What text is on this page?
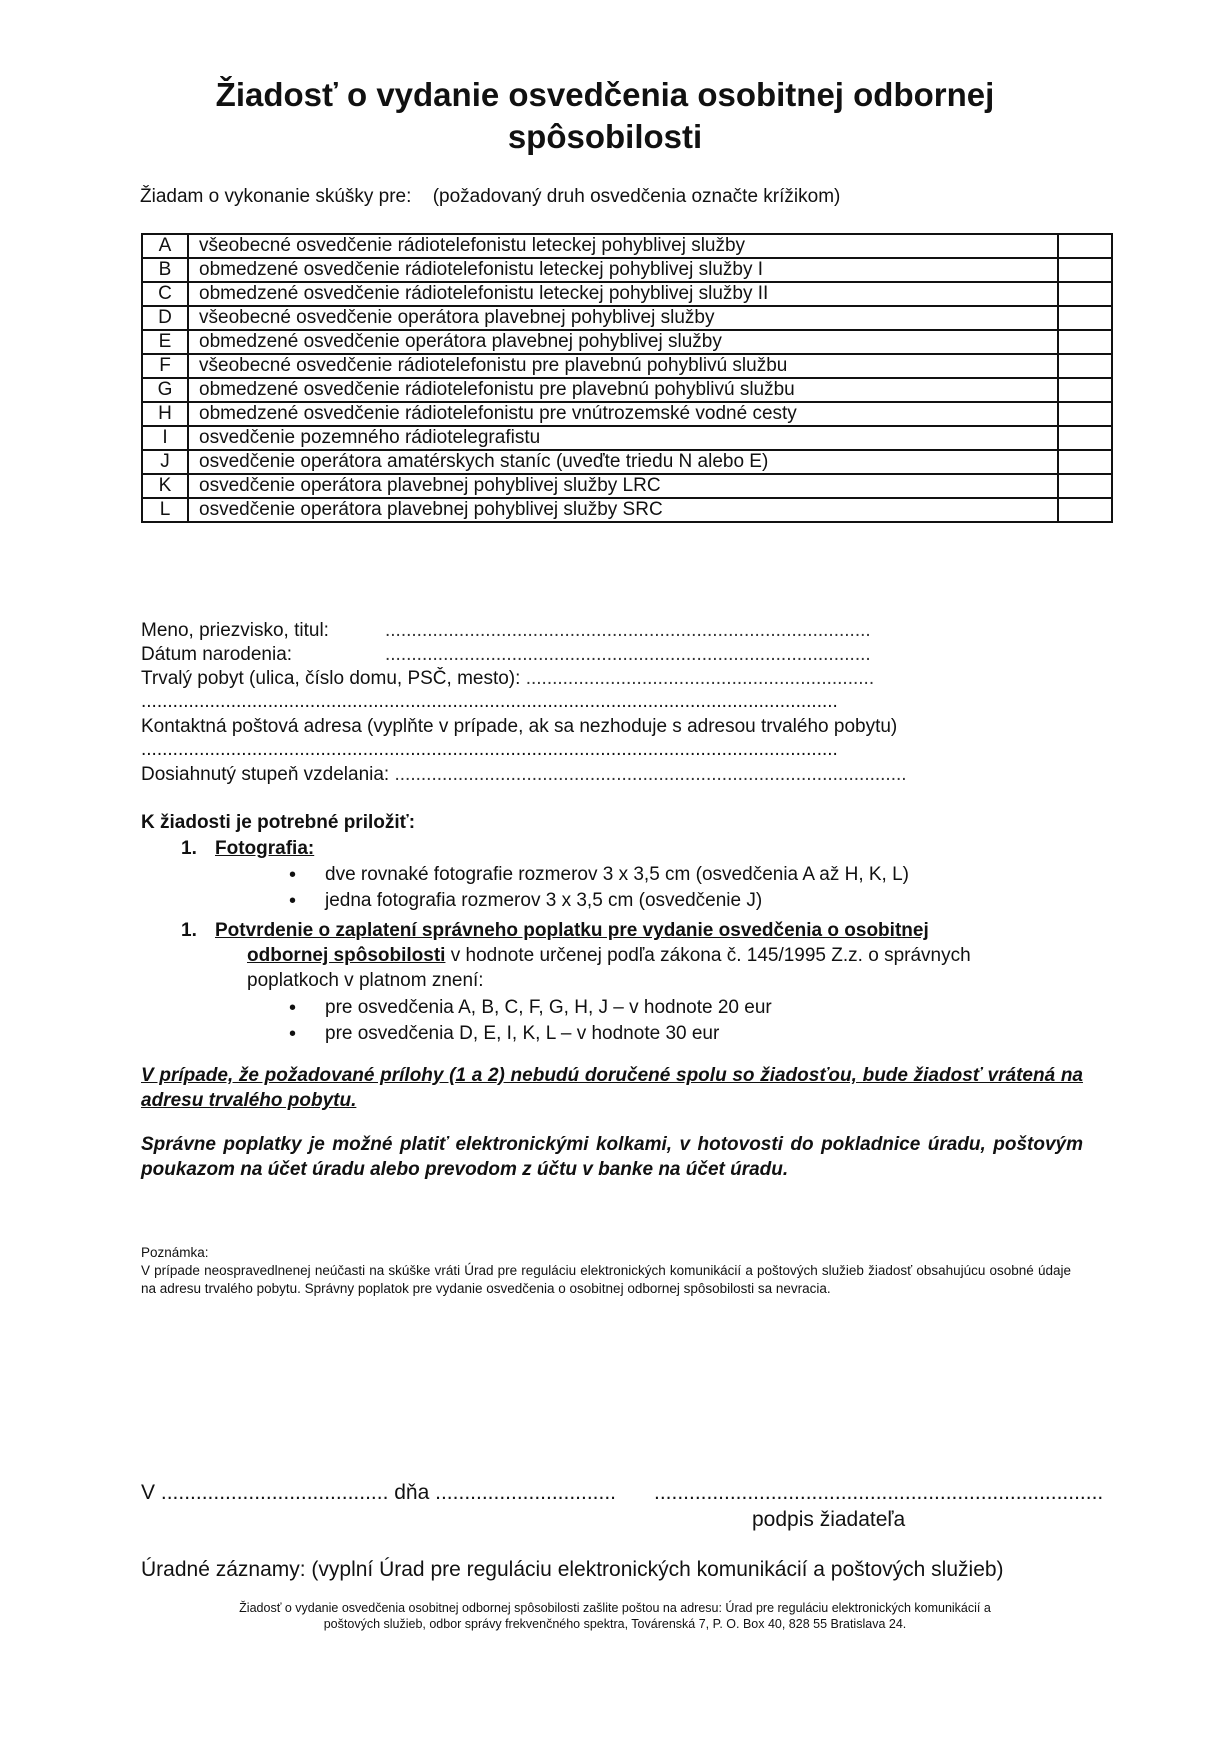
Žiadosť o vydanie osvedčenia osobitnej odbornej
spôsobilosti
Žiadam o vykonanie skúšky pre: (požadovaný druh osvedčenia označte krížikom)
A	všeobecné osvedčenie rádiotelefonistu leteckej pohyblivej služby	
B	obmedzené osvedčenie rádiotelefonistu leteckej pohyblivej služby I	
C	obmedzené osvedčenie rádiotelefonistu leteckej pohyblivej služby II	
D	všeobecné osvedčenie operátora plavebnej pohyblivej služby	
E	obmedzené osvedčenie operátora plavebnej pohyblivej služby	
F	všeobecné osvedčenie rádiotelefonistu pre plavebnú pohyblivú službu	
G	obmedzené osvedčenie rádiotelefonistu pre plavebnú pohyblivú službu	
H	obmedzené osvedčenie rádiotelefonistu pre vnútrozemské vodné cesty	
I	osvedčenie pozemného rádiotelegrafistu	
J	osvedčenie operátora amatérskych staníc (uveďte triedu N alebo E)	
K	osvedčenie operátora plavebnej pohyblivej služby LRC	
L	osvedčenie operátora plavebnej pohyblivej služby SRC	
Meno, priezvisko, titul:	............................................................................................
Dátum narodenia:	............................................................................................
Trvalý pobyt (ulica, číslo domu, PSČ, mesto): ..................................................................
....................................................................................................................................
Kontaktná poštová adresa (vyplňte v prípade, ak sa nezhoduje s adresou trvalého pobytu)
....................................................................................................................................
Dosiahnutý stupeň vzdelania: .................................................................................................
K žiadosti je potrebné priložiť:
1. Fotografia:
• dve rovnaké fotografie rozmerov 3 x 3,5 cm (osvedčenia A až H, K, L)
• jedna fotografia rozmerov 3 x 3,5 cm (osvedčenie J)
1. Potvrdenie o zaplatení správneho poplatku pre vydanie osvedčenia o osobitnej
odbornej spôsobilosti v hodnote určenej podľa zákona č. 145/1995 Z.z. o správnych
poplatkoch v platnom znení:
• pre osvedčenia A, B, C, F, G, H, J – v hodnote 20 eur
• pre osvedčenia D, E, I, K, L – v hodnote 30 eur
V prípade, že požadované prílohy (1 a 2) nebudú doručené spolu so žiadosťou, bude žiadosť vrátená na adresu trvalého pobytu.
Správne poplatky je možné platiť elektronickými kolkami, v hotovosti do pokladnice úradu, poštovým poukazom na účet úradu alebo prevodom z účtu v banke na účet úradu.
Poznámka:
V prípade neospravedlnenej neúčasti na skúške vráti Úrad pre reguláciu elektronických komunikácií a poštových služieb žiadosť obsahujúcu osobné údaje na adresu trvalého pobytu. Správny poplatok pre vydanie osvedčenia o osobitnej odbornej spôsobilosti sa nevracia.
V ....................................... dňa ............................... .............................................................................
podpis žiadateľa
Úradné záznamy: (vyplní Úrad pre reguláciu elektronických komunikácií a poštových služieb)
Žiadosť o vydanie osvedčenia osobitnej odbornej spôsobilosti zašlite poštou na adresu: Úrad pre reguláciu elektronických komunikácií a
poštových služieb, odbor správy frekvenčného spektra, Továrenská 7, P. O. Box 40, 828 55 Bratislava 24.
